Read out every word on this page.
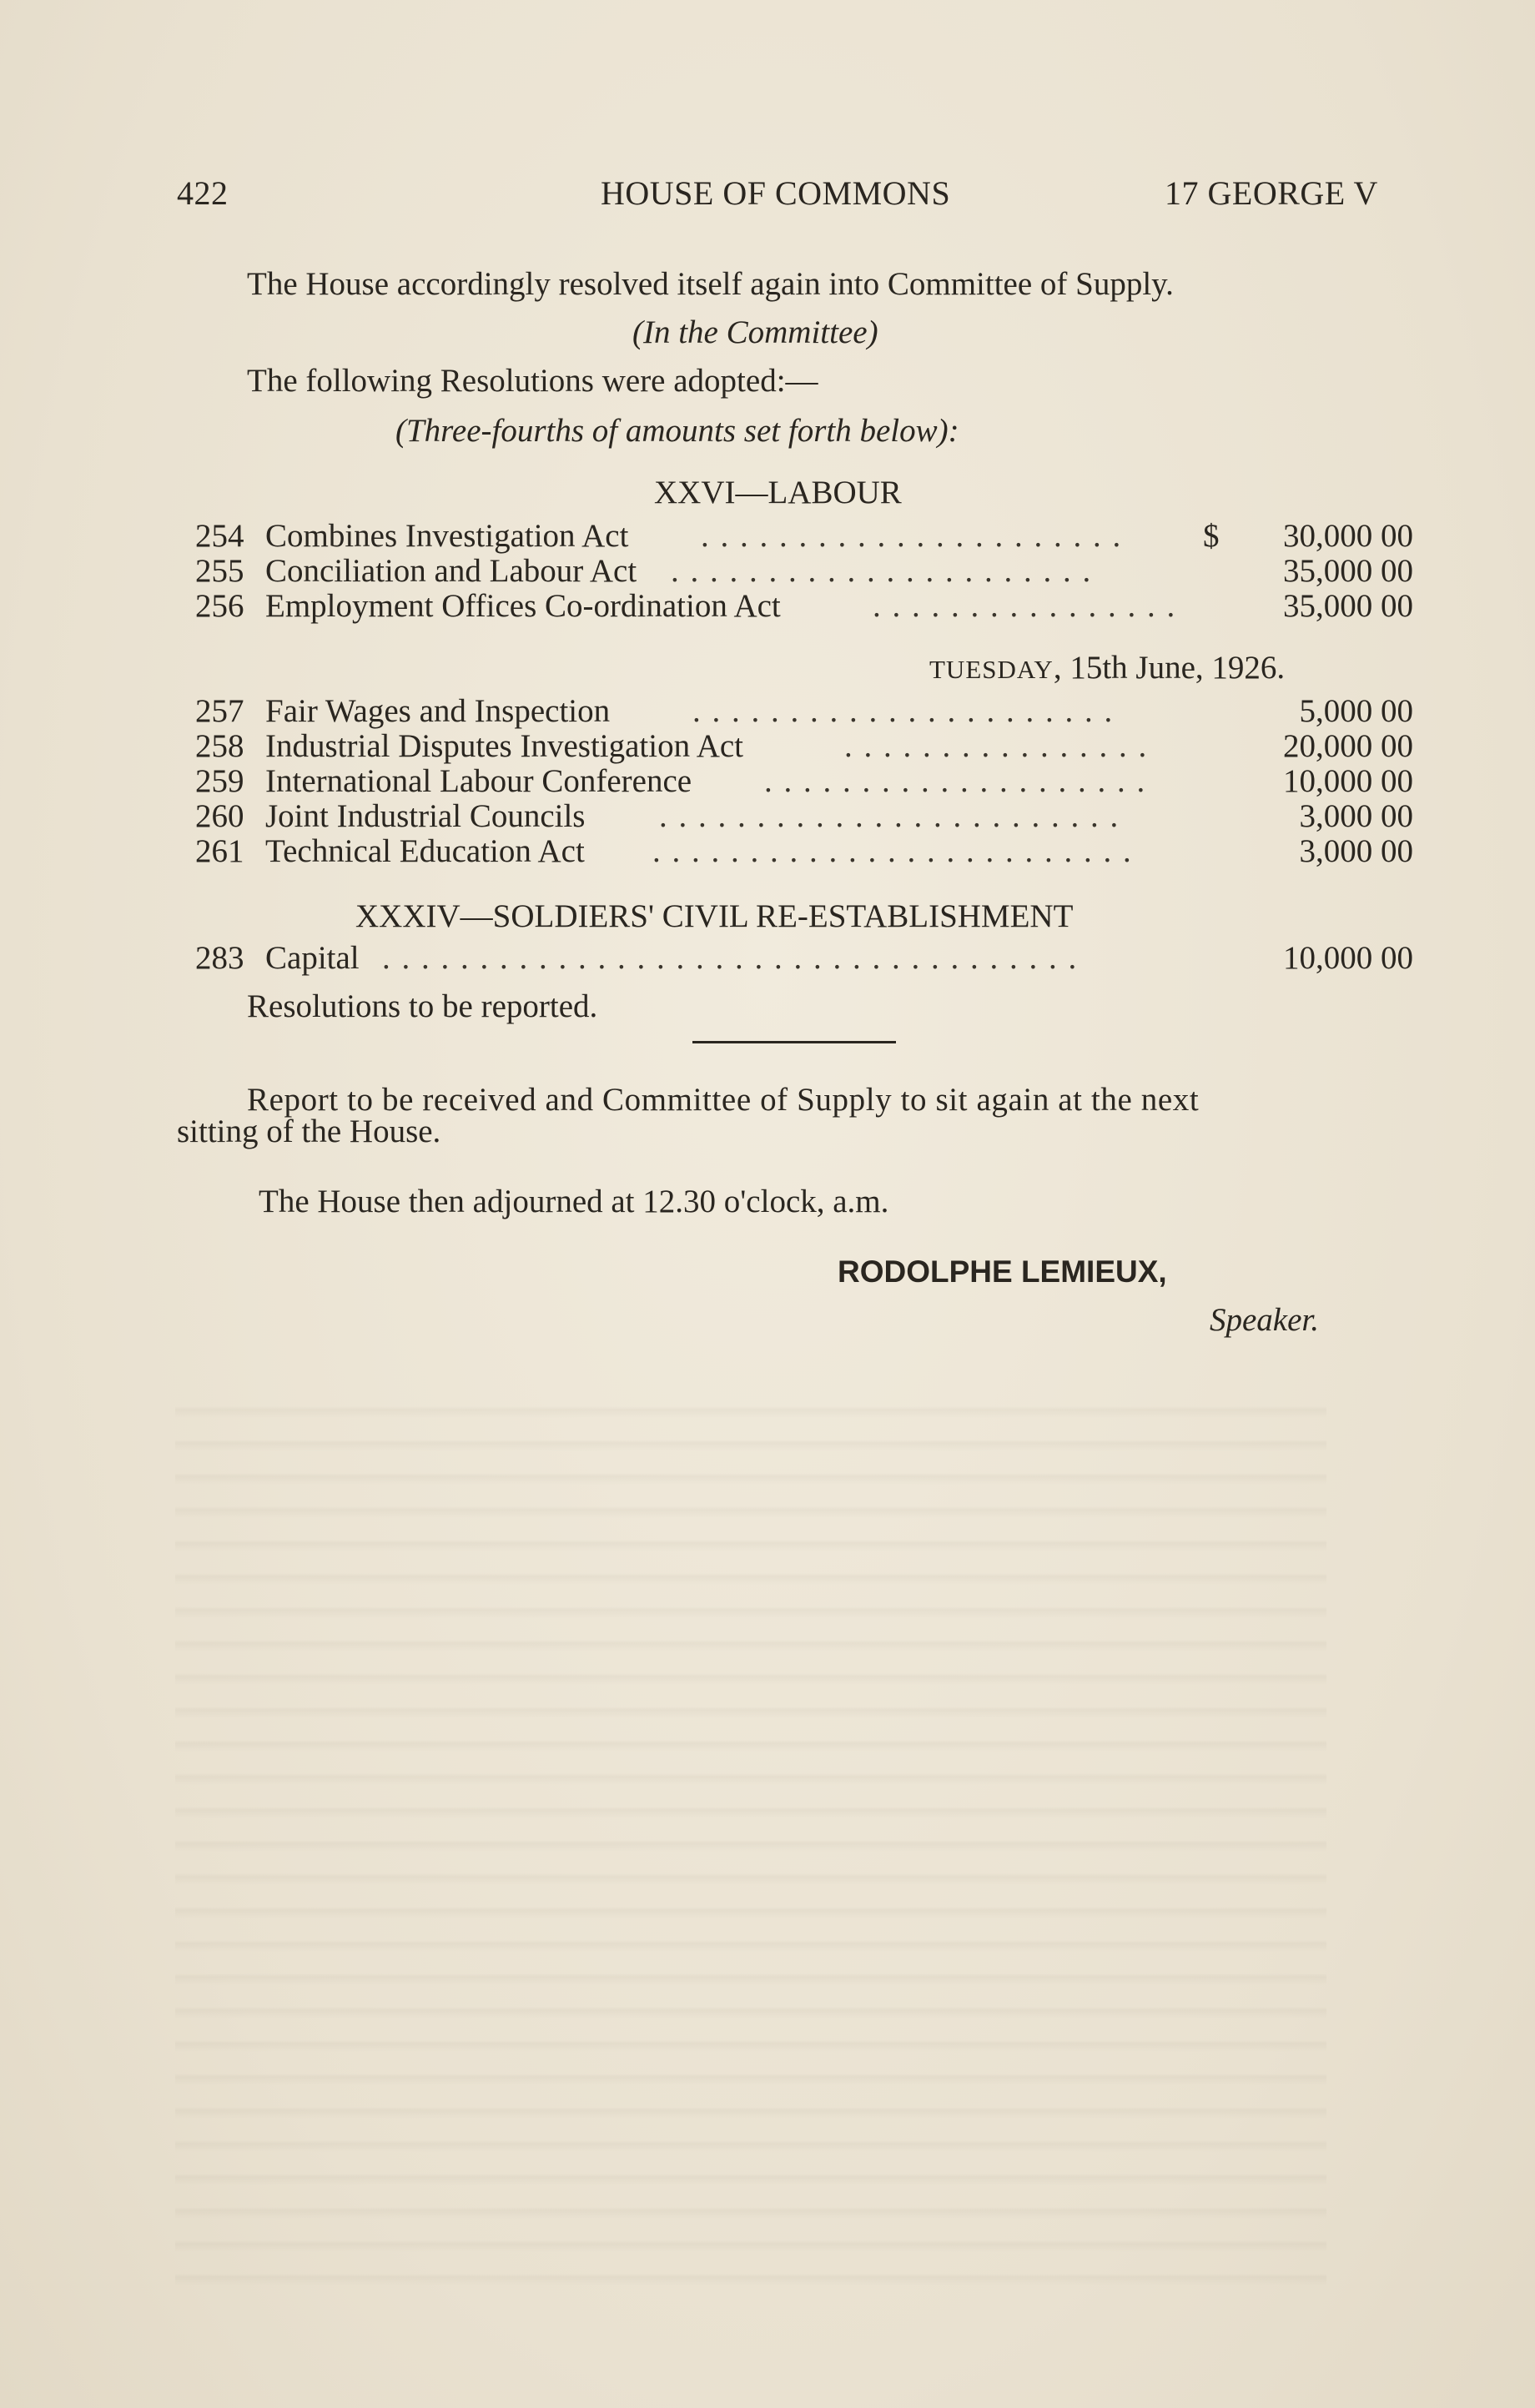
422	HOUSE OF COMMONS	17 GEORGE V
The House accordingly resolved itself again into Committee of Supply.
(In the Committee)
The following Resolutions were adopted:—
(Three-fourths of amounts set forth below):
XXVI—LABOUR
254 Combines Investigation Act . . . . . . . . . . . . . . . . . . . . . .	$ 30,000 00
255 Conciliation and Labour Act . . . . . . . . . . . . . . . . . . . . . .	35,000 00
256 Employment Offices Co-ordination Act	. . . . . . . . . . . . . . . .	35,000 00
TUESDAY, 15th June, 1926.
257 Fair Wages and Inspection	. . . . . . . . . . . . . . . . . . . . . .	5,000 00
258 Industrial Disputes Investigation Act	. . . . . . . . . . . . . . . .	20,000 00
259 International Labour Conference . . . . . . . . . . . . . . . . . . . .	10,000 00
260 Joint Industrial Councils . . . . . . . . . . . . . . . . . . . . . . . .	3,000 00
261 Technical Education Act . . . . . . . . . . . . . . . . . . . . . . . . .	3,000 00
XXXIV—SOLDIERS' CIVIL RE-ESTABLISHMENT
283 Capital . . . . . . . . . . . . . . . . . . . . . . . . . . . . . . . . . . . .	10,000 00
Resolutions to be reported.
Report to be received and Committee of Supply to sit again at the next
sitting of the House.
The House then adjourned at 12.30 o'clock, a.m.
RODOLPHE LEMIEUX,
Speaker.
